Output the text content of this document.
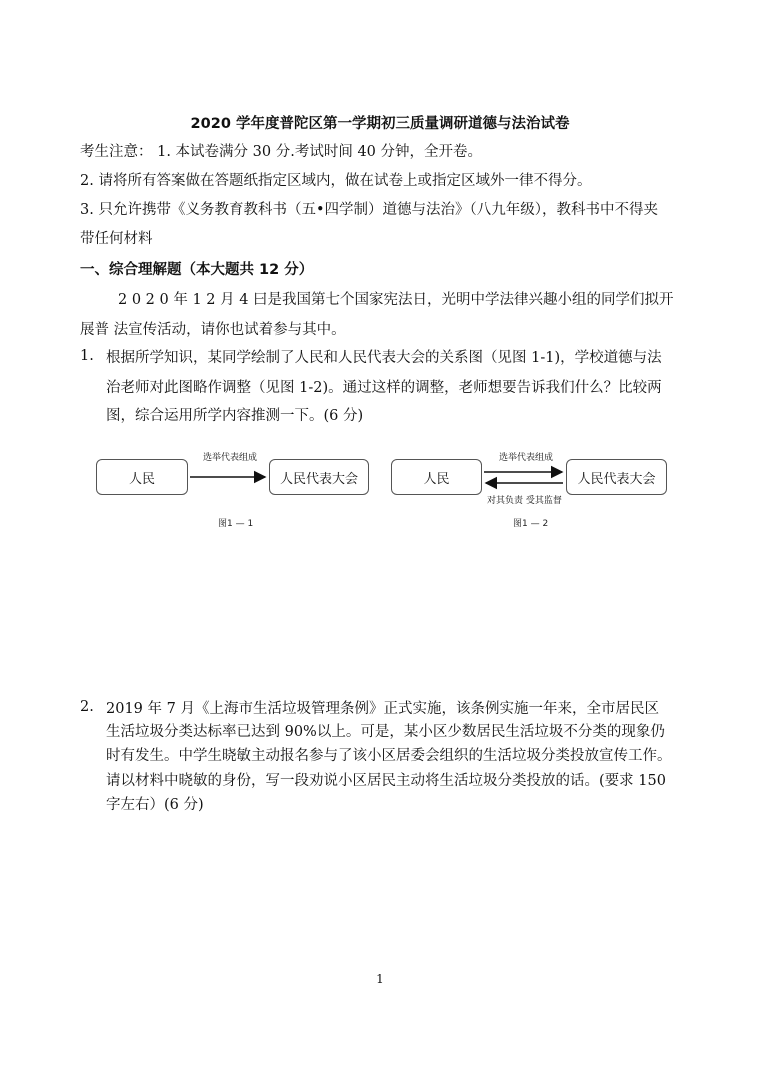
2020 学年度普陀区第一学期初三质量调研道德与法治试卷
考生注意： 1. 本试卷满分 30 分.考试时间 40 分钟，全开卷。
2. 请将所有答案做在答题纸指定区域内，做在试卷上或指定区域外一律不得分。
3. 只允许携带《义务教育教科书（五•四学制）道德与法治》（八九年级），教科书中不得夹
带任何材料
一、综合理解题（本大题共 12 分）
2 0 2 0 年 1 2 月 4 曰是我国第七个国家宪法日，光明中学法律兴趣小组的同学们拟开
展普 法宣传活动，请你也试着参与其中。
1. 根据所学知识，某同学绘制了人民和人民代表大会的关系图（见图 1-1)，学校道德与法
治老师对此图略作调整（见图 1-2)。通过这样的调整，老师想要告诉我们什么？比较两
图，综合运用所学内容推测一下。(6 分)
人民	人民代表大会
选举代表组成
图1 — 1
人民	人民代表大会
选举代表组成
对其负责 受其监督
图1 — 2
2. 2019 年 7 月《上海市生活垃圾管理条例》正式实施，该条例实施一年来，全市居民区
生活垃圾分类达标率已达到 90%以上。可是，某小区少数居民生活垃圾不分类的现象仍
时有发生。中学生晓敏主动报名参与了该小区居委会组织的生活垃圾分类投放宣传工作。
请以材料中晓敏的身份，写一段劝说小区居民主动将生活垃圾分类投放的话。(要求 150
字左右）(6 分)
1
